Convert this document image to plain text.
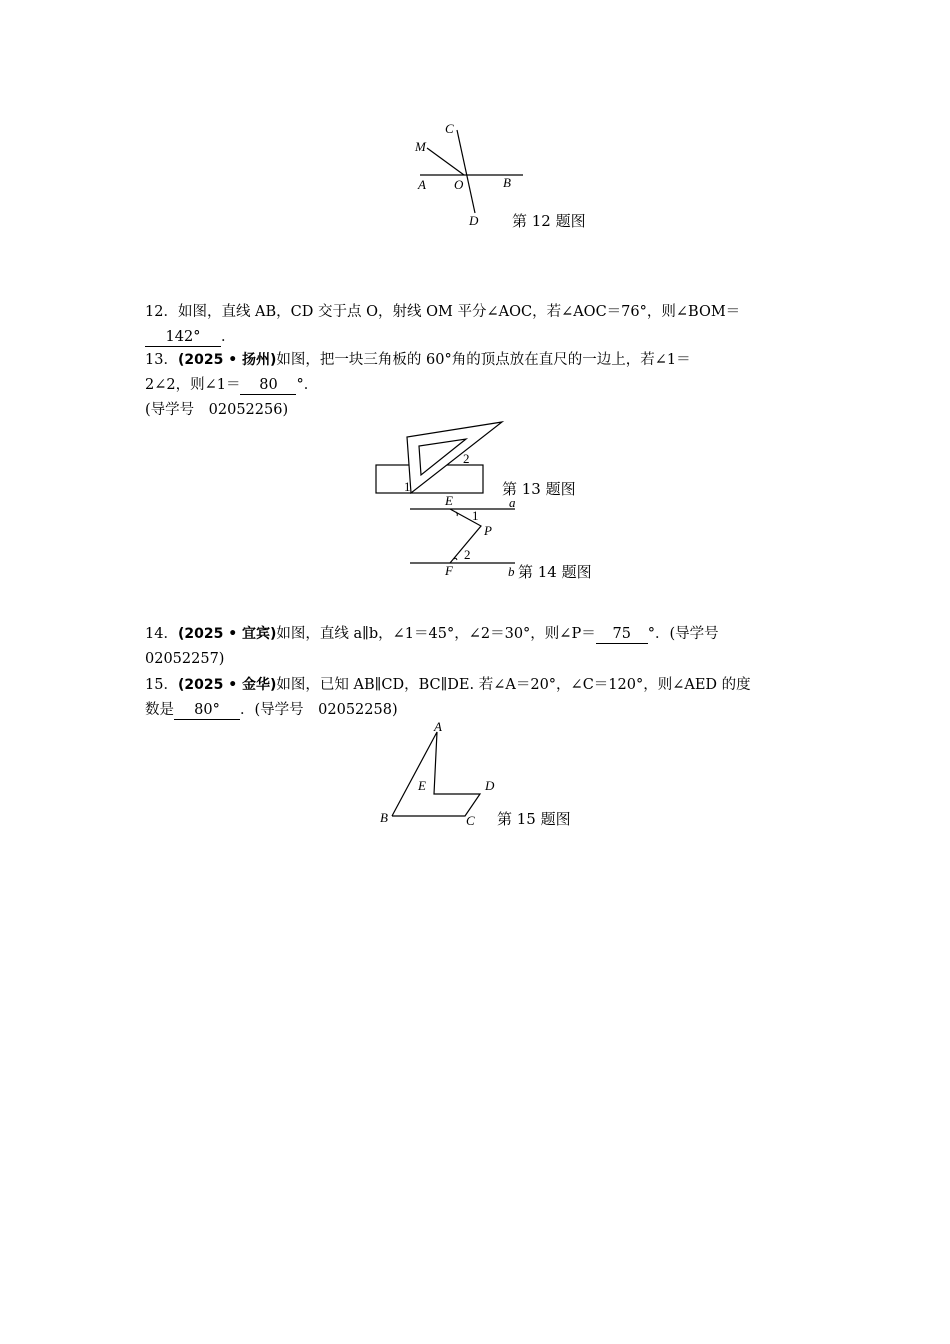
C
M
A O	B
D 第 12 题图
12．如图，直线 AB，CD 交于点 O，射线 OM 平分∠AOC，若∠AOC＝76°，则∠BOM＝
142° ．
13．(2025 • 扬州)如图，把一块三角板的 60°角的顶点放在直尺的一边上，若∠1＝
2∠2，则∠1＝ 80 °．
(导学号　02052256)
1
2
第 13 题图
E	a
1
P
2
F	b 第 14 题图
14．(2025 • 宜宾)如图，直线 a∥b，∠1＝45°，∠2＝30°，则∠P＝ 75 °．(导学号
02052257)
15．(2025 • 金华)如图，已知 AB∥CD，BC∥DE. 若∠A＝20°，∠C＝120°，则∠AED 的度
数是 80° ．(导学号　02052258)
A
E	D
B	C 第 15 题图
